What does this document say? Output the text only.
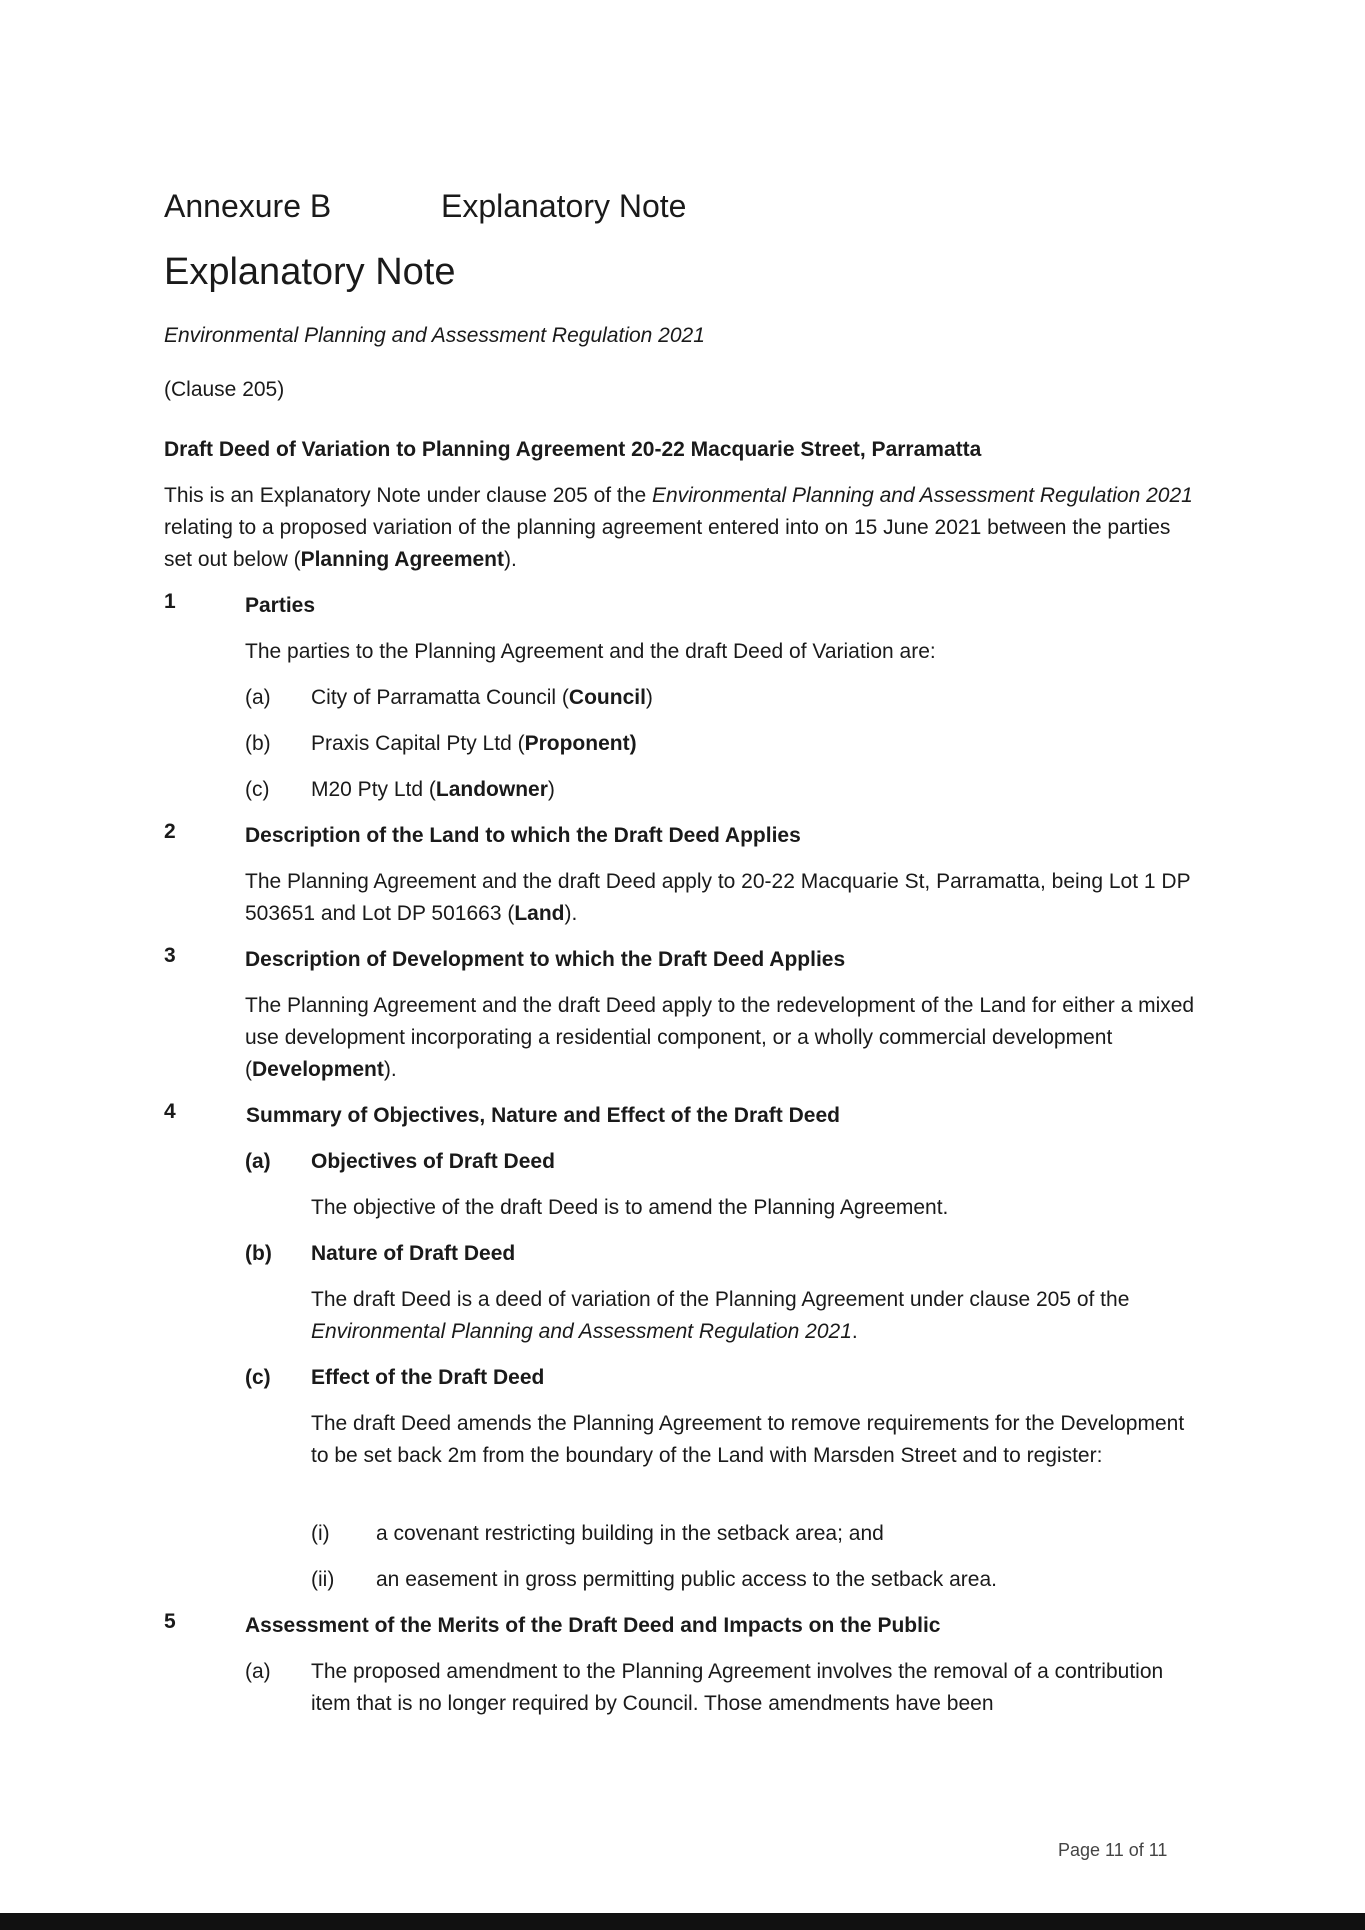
Annexure B	Explanatory Note

Explanatory Note

Environmental Planning and Assessment Regulation 2021

(Clause 205)

Draft Deed of Variation to Planning Agreement 20-22 Macquarie Street, Parramatta

This is an Explanatory Note under clause 205 of the Environmental Planning and Assessment Regulation 2021 relating to a proposed variation of the planning agreement entered into on 15 June 2021 between the parties set out below (Planning Agreement).

1	Parties

The parties to the Planning Agreement and the draft Deed of Variation are:

(a) City of Parramatta Council (Council)

(b) Praxis Capital Pty Ltd (Proponent)

(c) M20 Pty Ltd (Landowner)

2	Description of the Land to which the Draft Deed Applies

The Planning Agreement and the draft Deed apply to 20-22 Macquarie St, Parramatta, being Lot 1 DP 503651 and Lot DP 501663 (Land).

3	Description of Development to which the Draft Deed Applies

The Planning Agreement and the draft Deed apply to the redevelopment of the Land for either a mixed use development incorporating a residential component, or a wholly commercial development (Development).

4	Summary of Objectives, Nature and Effect of the Draft Deed

(a) Objectives of Draft Deed

The objective of the draft Deed is to amend the Planning Agreement.

(b) Nature of Draft Deed

The draft Deed is a deed of variation of the Planning Agreement under clause 205 of the Environmental Planning and Assessment Regulation 2021.

(c) Effect of the Draft Deed

The draft Deed amends the Planning Agreement to remove requirements for the Development to be set back 2m from the boundary of the Land with Marsden Street and to register:

(i) a covenant restricting building in the setback area; and

(ii) an easement in gross permitting public access to the setback area.

5	Assessment of the Merits of the Draft Deed and Impacts on the Public

(a) The proposed amendment to the Planning Agreement involves the removal of a contribution item that is no longer required by Council. Those amendments have been

Page 11 of 11
